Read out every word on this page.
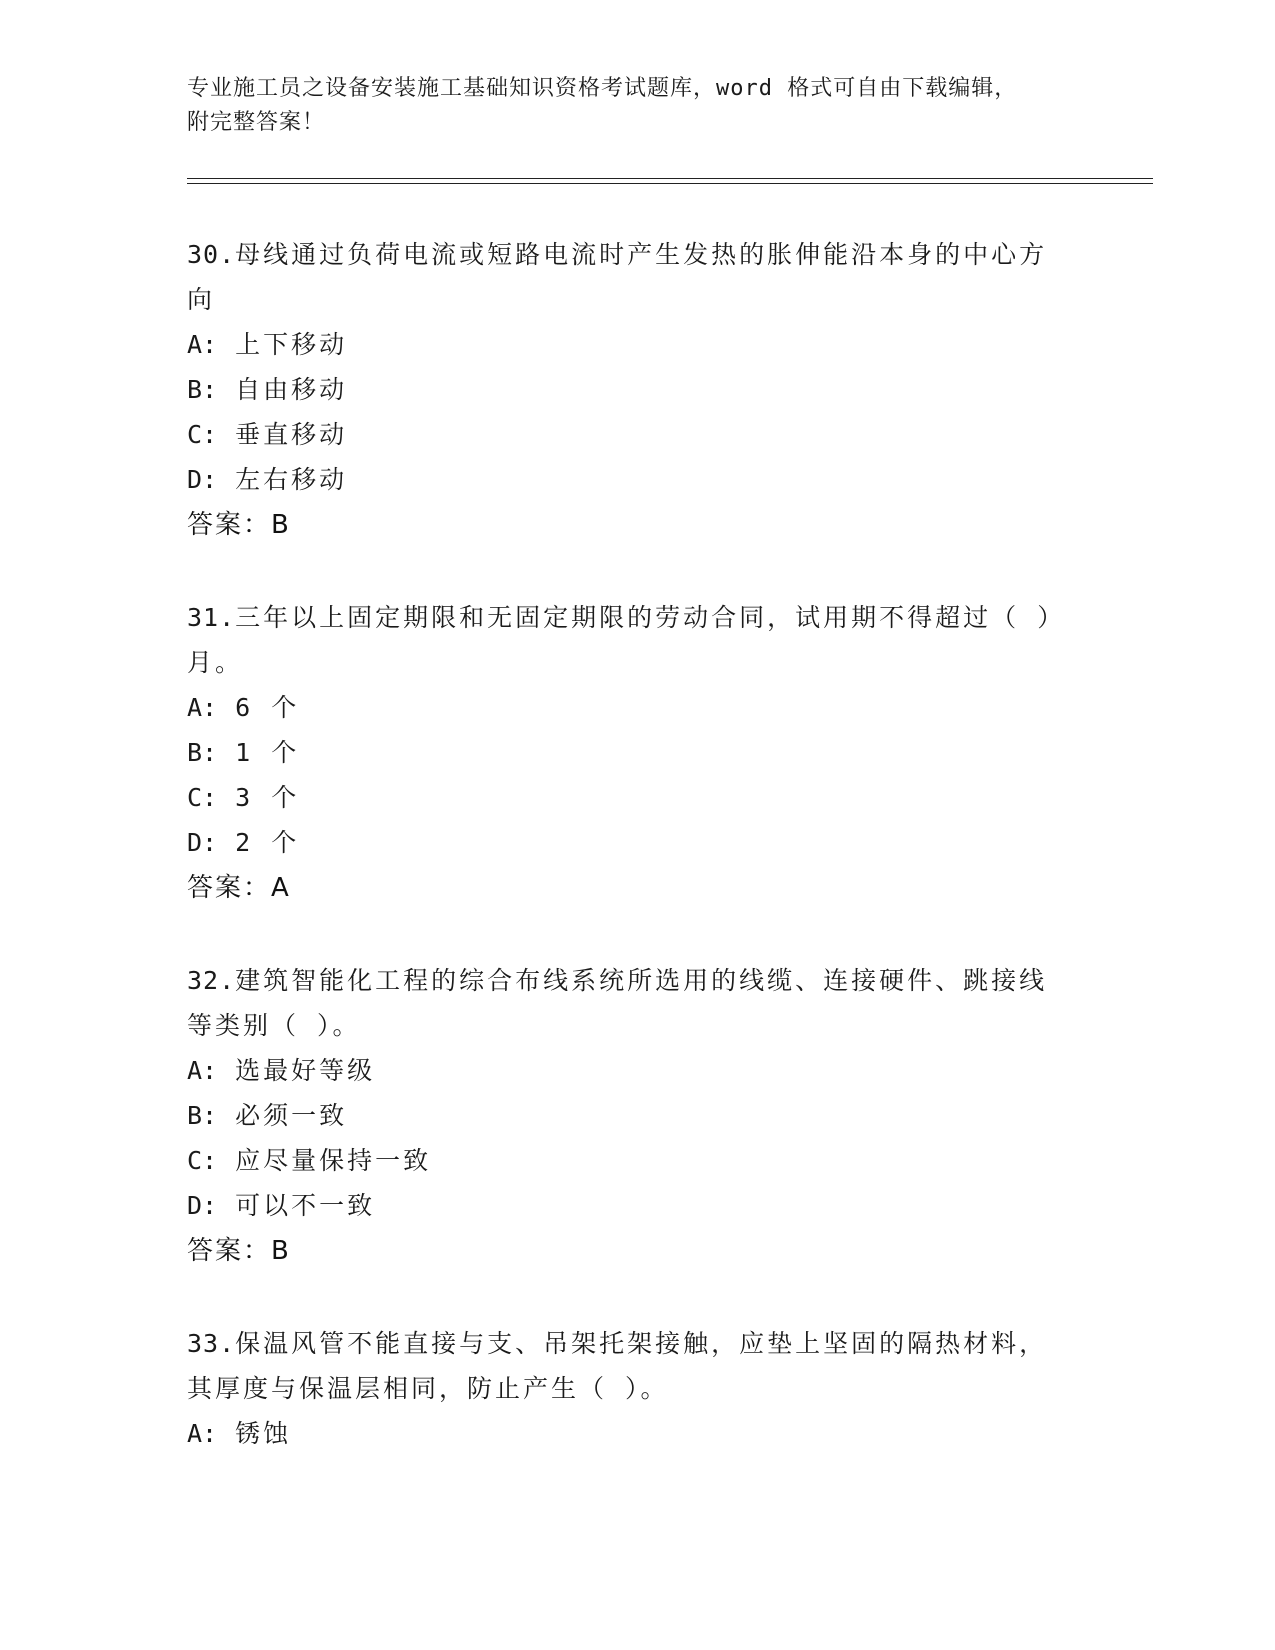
专业施工员之设备安装施工基础知识资格考试题库，word 格式可自由下载编辑，
附完整答案！

30.母线通过负荷电流或短路电流时产生发热的胀伸能沿本身的中心方向

A: 上下移动

B: 自由移动

C: 垂直移动

D: 左右移动

答案：B

31.三年以上固定期限和无固定期限的劳动合同，试用期不得超过（ ）月。

A: 6 个

B: 1 个

C: 3 个

D: 2 个

答案：A

32.建筑智能化工程的综合布线系统所选用的线缆、连接硬件、跳接线等类别（ ）。

A: 选最好等级

B: 必须一致

C: 应尽量保持一致

D: 可以不一致

答案：B

33.保温风管不能直接与支、吊架托架接触，应垫上坚固的隔热材料，其厚度与保温层相同，防止产生（ ）。

A: 锈蚀
